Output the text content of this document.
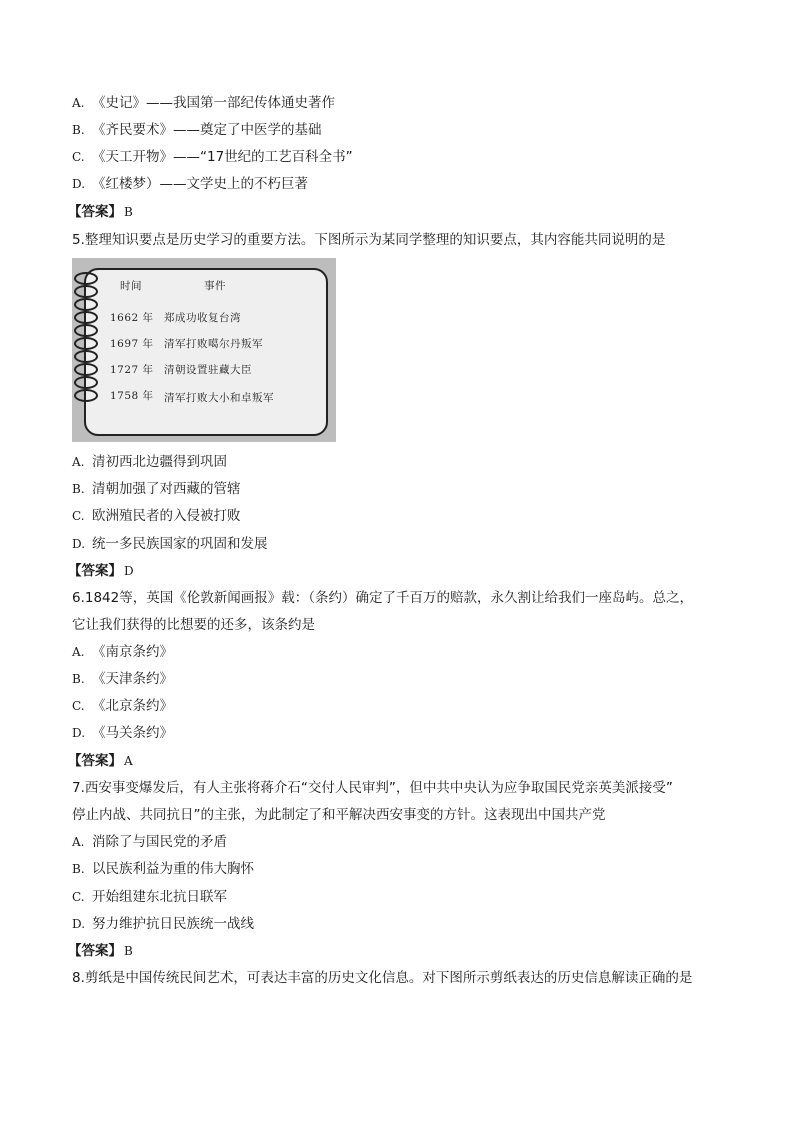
A. 《史记》——我国第一部纪传体通史著作
B. 《齐民要术》——奠定了中医学的基础
C. 《天工开物》——“17世纪的工艺百科全书”
D. 《红楼梦）——文学史上的不朽巨著
【答案】 B
5.整理知识要点是历史学习的重要方法。下图所示为某同学整理的知识要点，其内容能共同说明的是
时间	事件
1662 年 郑成功收复台湾
1697 年 清军打败噶尔丹叛军
1727 年 清朝设置驻藏大臣
1758 年 清军打败大小和卓叛军
A. 清初西北边疆得到巩固
B. 清朝加强了对西藏的管辖
C. 欧洲殖民者的入侵被打败
D. 统一多民族国家的巩固和发展
【答案】 D
6.1842等，英国《伦敦新闻画报》载：（条约）确定了千百万的赔款，永久割让给我们一座岛屿。总之，
它让我们获得的比想要的还多，该条约是
A. 《南京条约》
B. 《天津条约》
C. 《北京条约》
D. 《马关条约》
【答案】 A
7.西安事变爆发后，有人主张将蒋介石“交付人民审判”，但中共中央认为应争取国民党亲英美派接受”
停止内战、共同抗日”的主张，为此制定了和平解决西安事变的方针。这表现出中国共产党
A. 消除了与国民党的矛盾
B. 以民族利益为重的伟大胸怀
C. 开始组建东北抗日联军
D. 努力维护抗日民族统一战线
【答案】 B
8.剪纸是中国传统民间艺术，可表达丰富的历史文化信息。对下图所示剪纸表达的历史信息解读正确的是
